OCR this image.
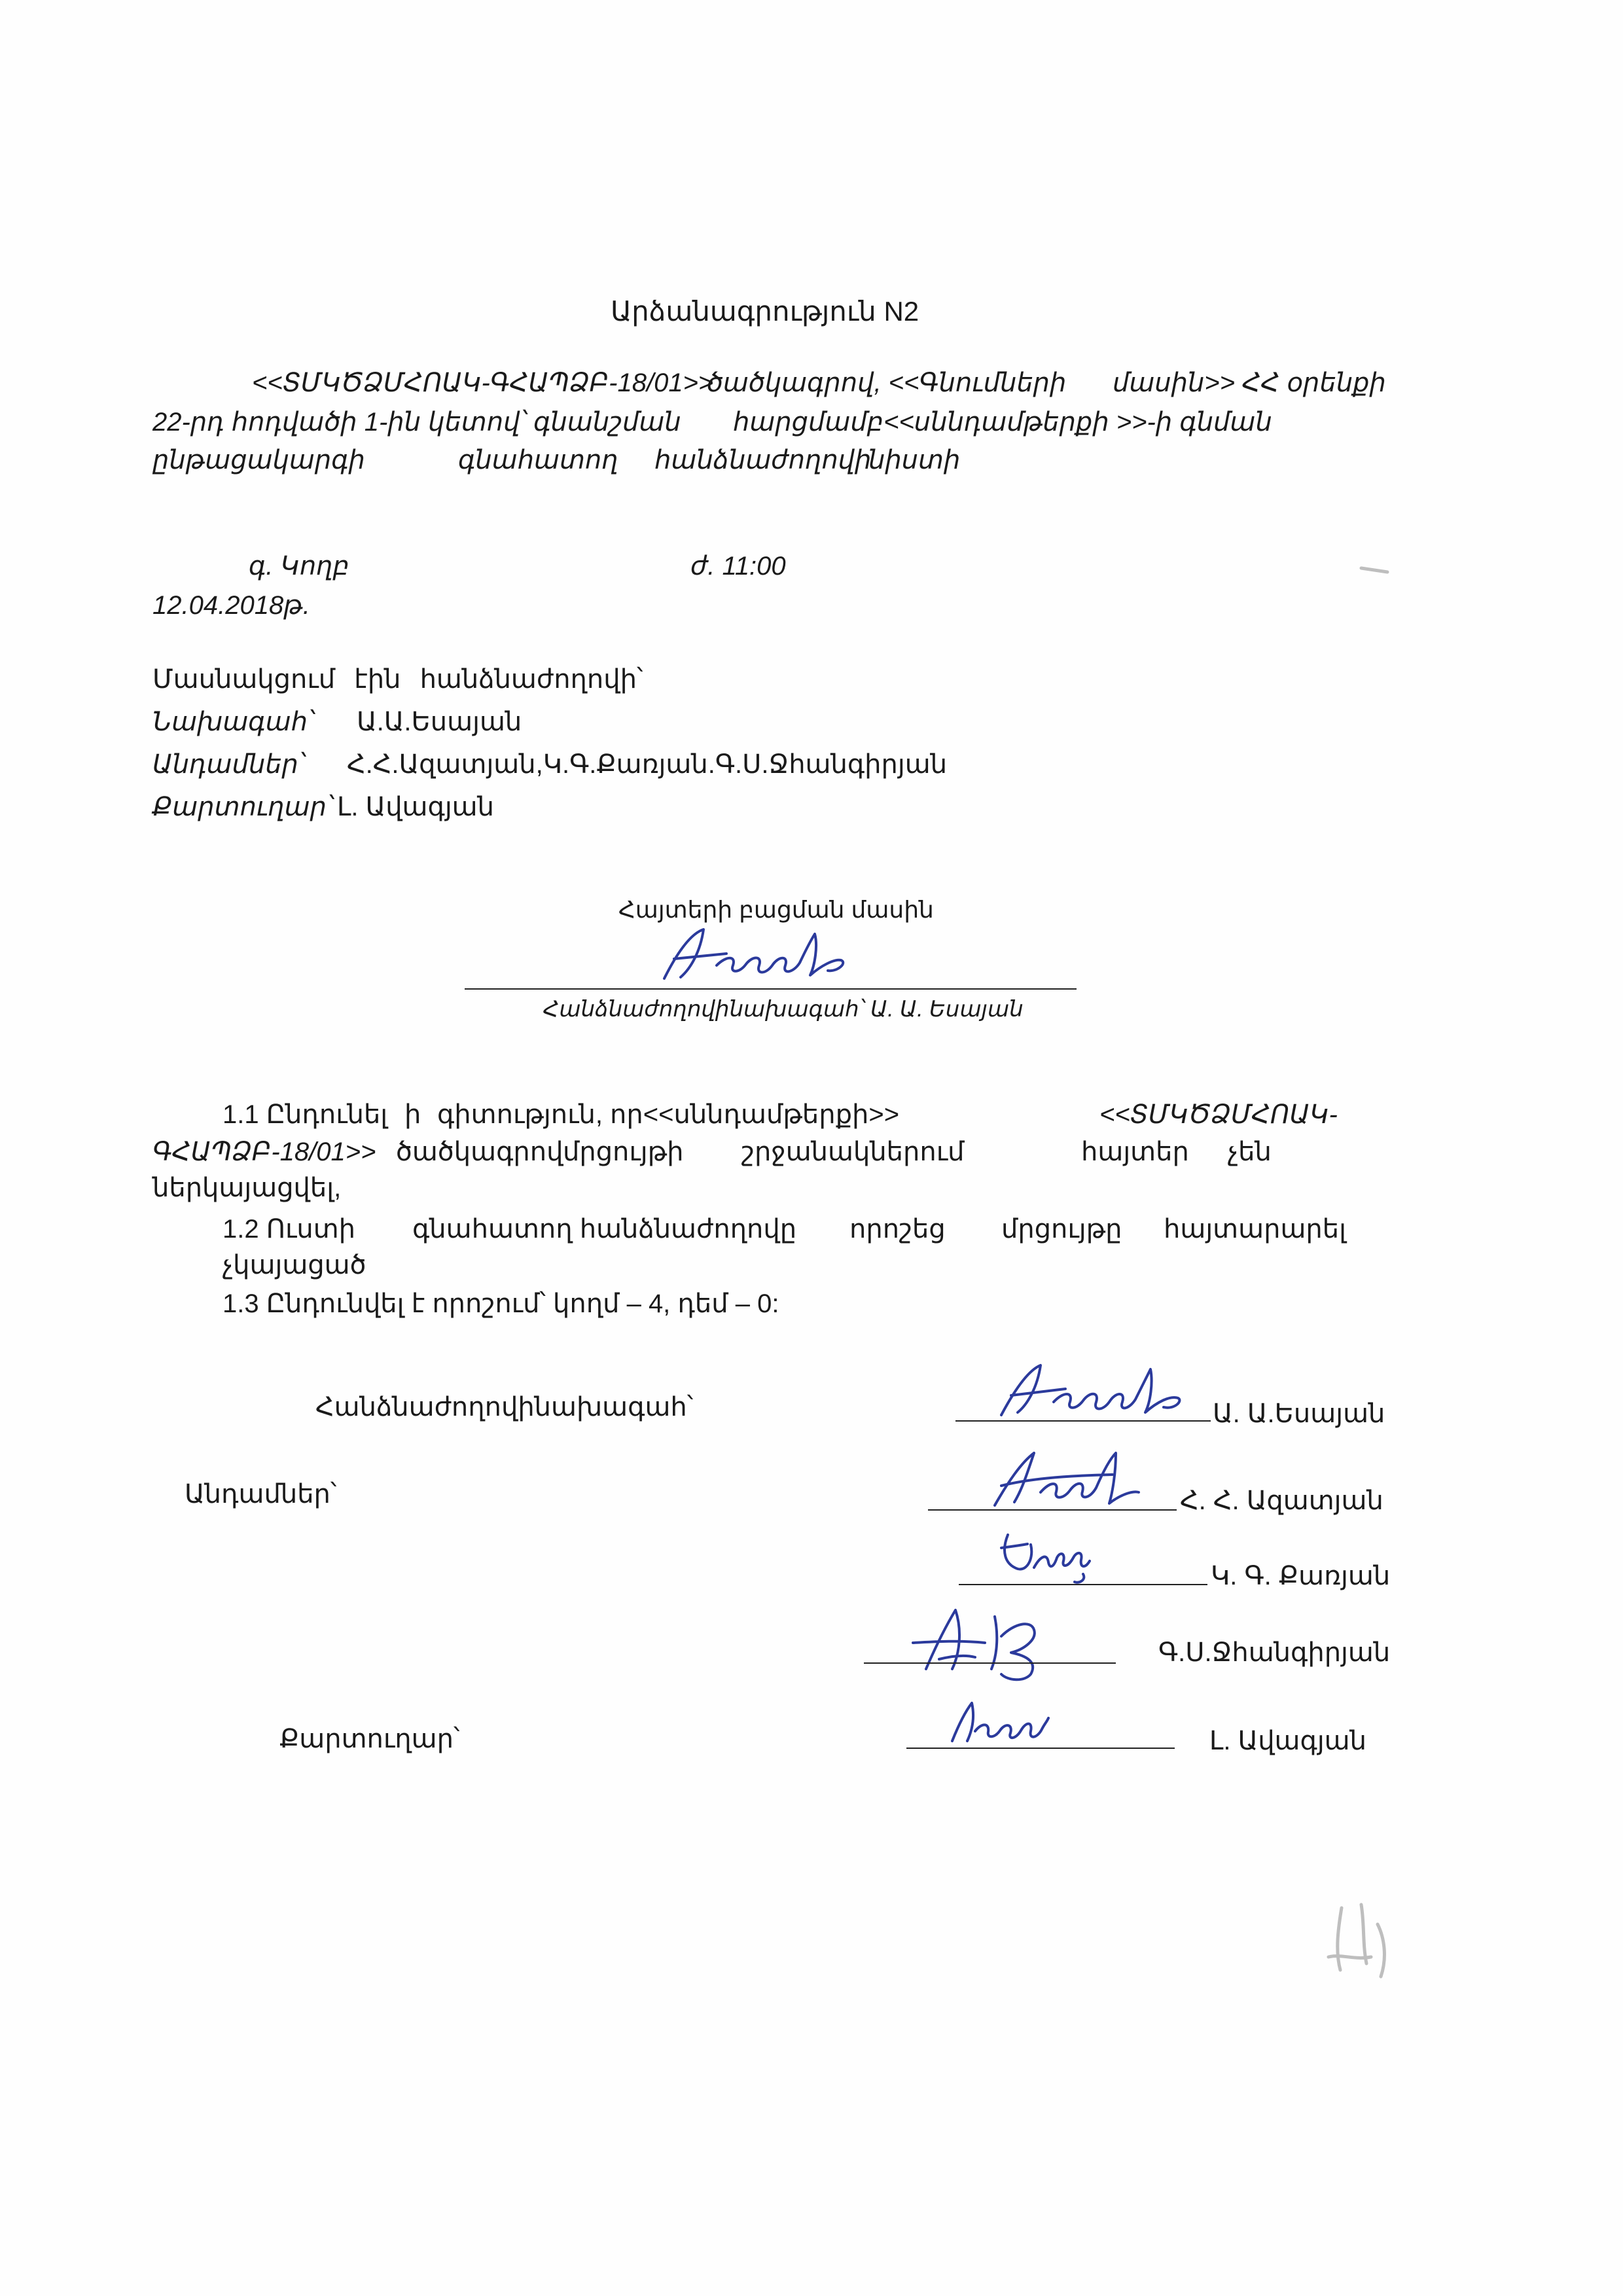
Արձանագրություն N2
<<ՏՄԿԾՁՄՀՈԱԿ-ԳՀԱՊՁԲ-18/01>>
ծածկագրով, <<Գնումների մասին>> ՀՀ օրենքի
22-րդ հոդվածի 1-ին կետով՝ գնանշման հարցմամբ<<սննդամթերքի >>-ի գնման
ընթացակարգի	գնահատող հանձնաժողովի
նիստի
գ. Կողբ	ժ. 11:00
12.04.2018թ.
Մասնակցում էին հանձնաժողովի՝
Նախագահ՝ Ա.Ա.Եսայան
Անդամներ՝ Հ.Հ.Ազատյան,Կ.Գ.Քառյան.Գ.Ս.Ջհանգիրյան
Քարտուղար՝ Լ. Ավագյան
Հայտերի բացման մասին
Հանձնաժողովինախագահ՝ Ա. Ա. Եսայան
1.1 Ընդունել ի գիտություն, որ<<սննդամթերքի>>	<<ՏՄԿԾՁՄՀՈԱԿ-
ԳՀԱՊՁԲ-18/01>> ծածկագրով մրցույթի շրջանակներում	հայտեր չեն
ներկայացվել,
1.2 Ուստի գնահատող հանձնաժողովը որոշեց մրցույթը հայտարարել
չկայացած
1.3 Ընդունվել է որոշում՝ կողմ – 4, դեմ – 0:
Հանձնաժողովինախագահ՝	Ա. Ա.Եսայան
Անդամներ՝	Հ. Հ. Ազատյան
Կ. Գ. Քառյան
Գ.Ս.Ջհանգիրյան
Քարտուղար՝	Լ. Ավագյան
